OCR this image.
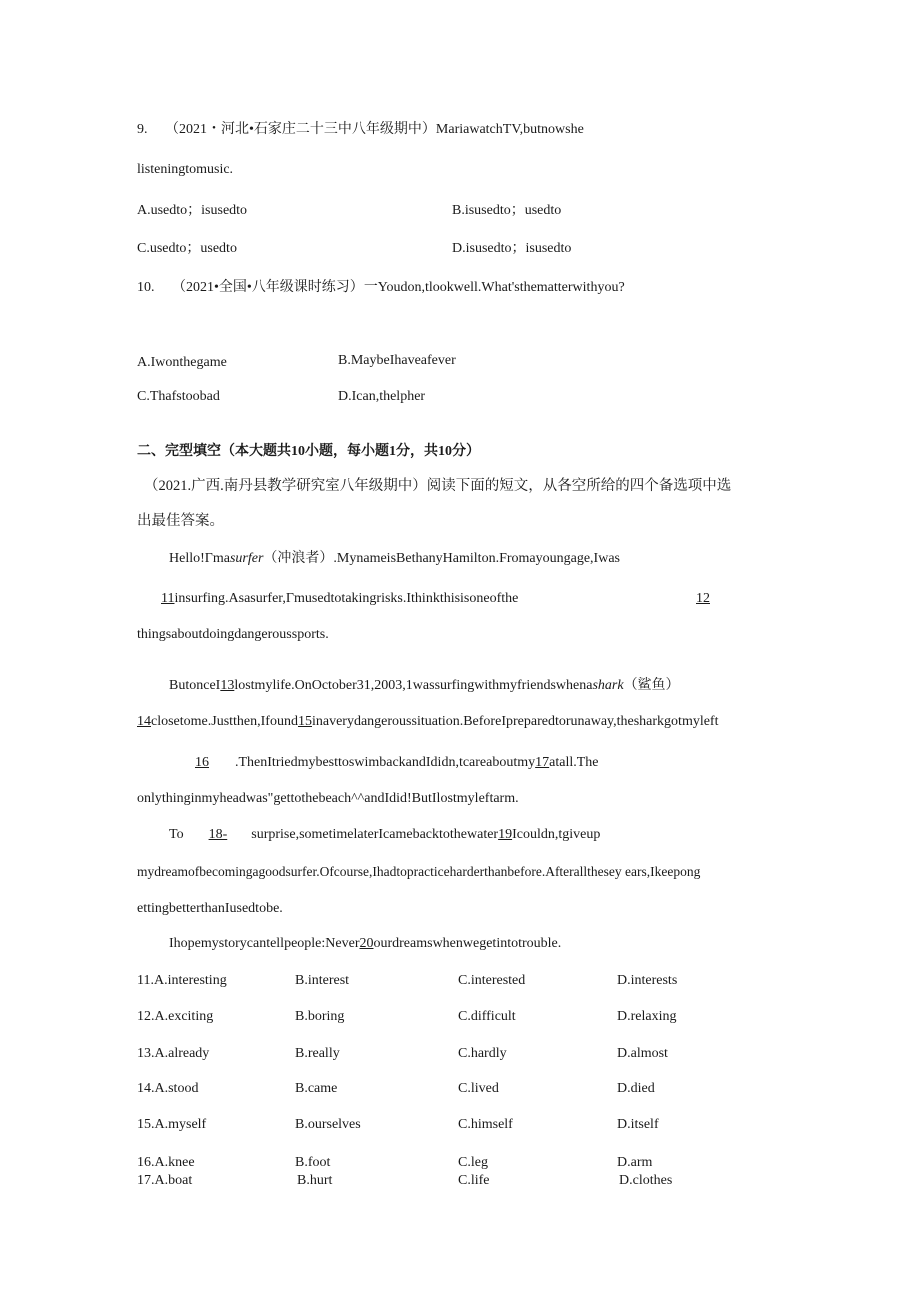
9. （2021・河北•石家庄二十三中八年级期中）MariawatchTV,butnowshe
listeningtomusic.
A.usedto；isusedto	B.isusedto；usedto
C.usedto；usedto	D.isusedto；isusedto
10. （2021•全国•八年级课时练习）一Youdon,tlookwell.What'sthematterwithyou?
A.Iwonthegame	B.MaybeIhaveafever
C.Thafstoobad	D.Ican,thelpher
二、完型填空（本大题共10小题，每小题1分，共10分）
（2021.广西.南丹县教学研究室八年级期中）阅读下面的短文，从各空所给的四个备选项中选
出最佳答案。
Hello!Γmasurfer（冲浪者）.MynameisBethanyHamilton.Fromayoungage,Iwas
11insurfing.Asasurfer,Γmusedtotakingrisks.Ithinkthisisoneofthe	12
thingsaboutdoingdangeroussports.
ButonceI13lostmylife.OnOctober31,2003,1wassurfingwithmyfriendswhenashark（鲨鱼）
14closetome.Justthen,Ifound15inaverydangeroussituation.BeforeIpreparedtorunaway,thesharkgotmyleft
16 .ThenItriedmybesttoswimbackandIdidn,tcareaboutmy17atall.The
onlythinginmyheadwas"gettothebeach^^andIdid!ButIlostmyleftarm.
To 18- surprise,sometimelaterIcamebacktothewater19Icouldn,tgiveup
mydreamofbecomingagoodsurfer.Ofcourse,Ihadtopracticeharderthanbefore.Afterallthesey ears,Ikeepong
ettingbetterthanIusedtobe.
Ihopemystorycantellpeople:Never20ourdreamswhenwegetintotrouble.
11.A.interesting	B.interest	C.interested	D.interests
12.A.exciting	B.boring	C.difficult	D.relaxing
13.A.already	B.really	C.hardly	D.almost
14.A.stood	B.came	C.lived	D.died
15.A.myself	B.ourselves	C.himself	D.itself
16.A.knee	B.foot	C.leg	D.arm
17.A.boat	B.hurt	C.life	D.clothes
